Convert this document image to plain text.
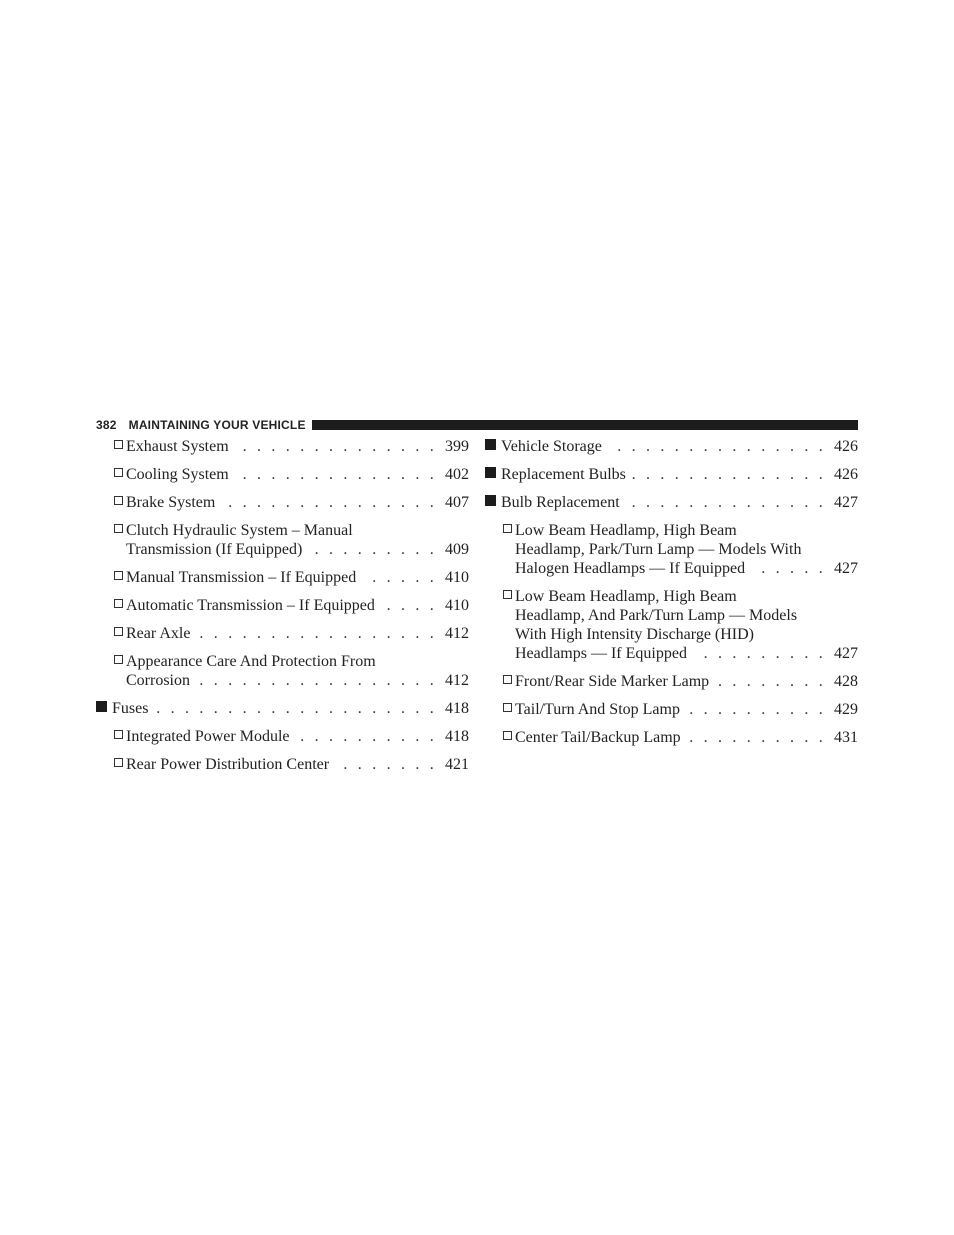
382 MAINTAINING YOUR VEHICLE
Exhaust System . . .	399
Cooling System . . .	402
Brake System . . .	407
Clutch Hydraulic System – Manual
Transmission (If Equipped) . . .	409
Manual Transmission – If Equipped . . .	410
Automatic Transmission – If Equipped . . .	410
Rear Axle . . .	412
Appearance Care And Protection From
Corrosion . . .	412
Fuses . . .	418
Integrated Power Module . . .	418
Rear Power Distribution Center . . .	421
Vehicle Storage . . .	426
Replacement Bulbs . . .	426
Bulb Replacement . . .	427
Low Beam Headlamp, High Beam
Headlamp, Park/Turn Lamp — Models With
Halogen Headlamps — If Equipped . . .	427
Low Beam Headlamp, High Beam
Headlamp, And Park/Turn Lamp — Models
With High Intensity Discharge (HID)
Headlamps — If Equipped . . .	427
Front/Rear Side Marker Lamp . . .	428
Tail/Turn And Stop Lamp . . .	429
Center Tail/Backup Lamp . . .	431
